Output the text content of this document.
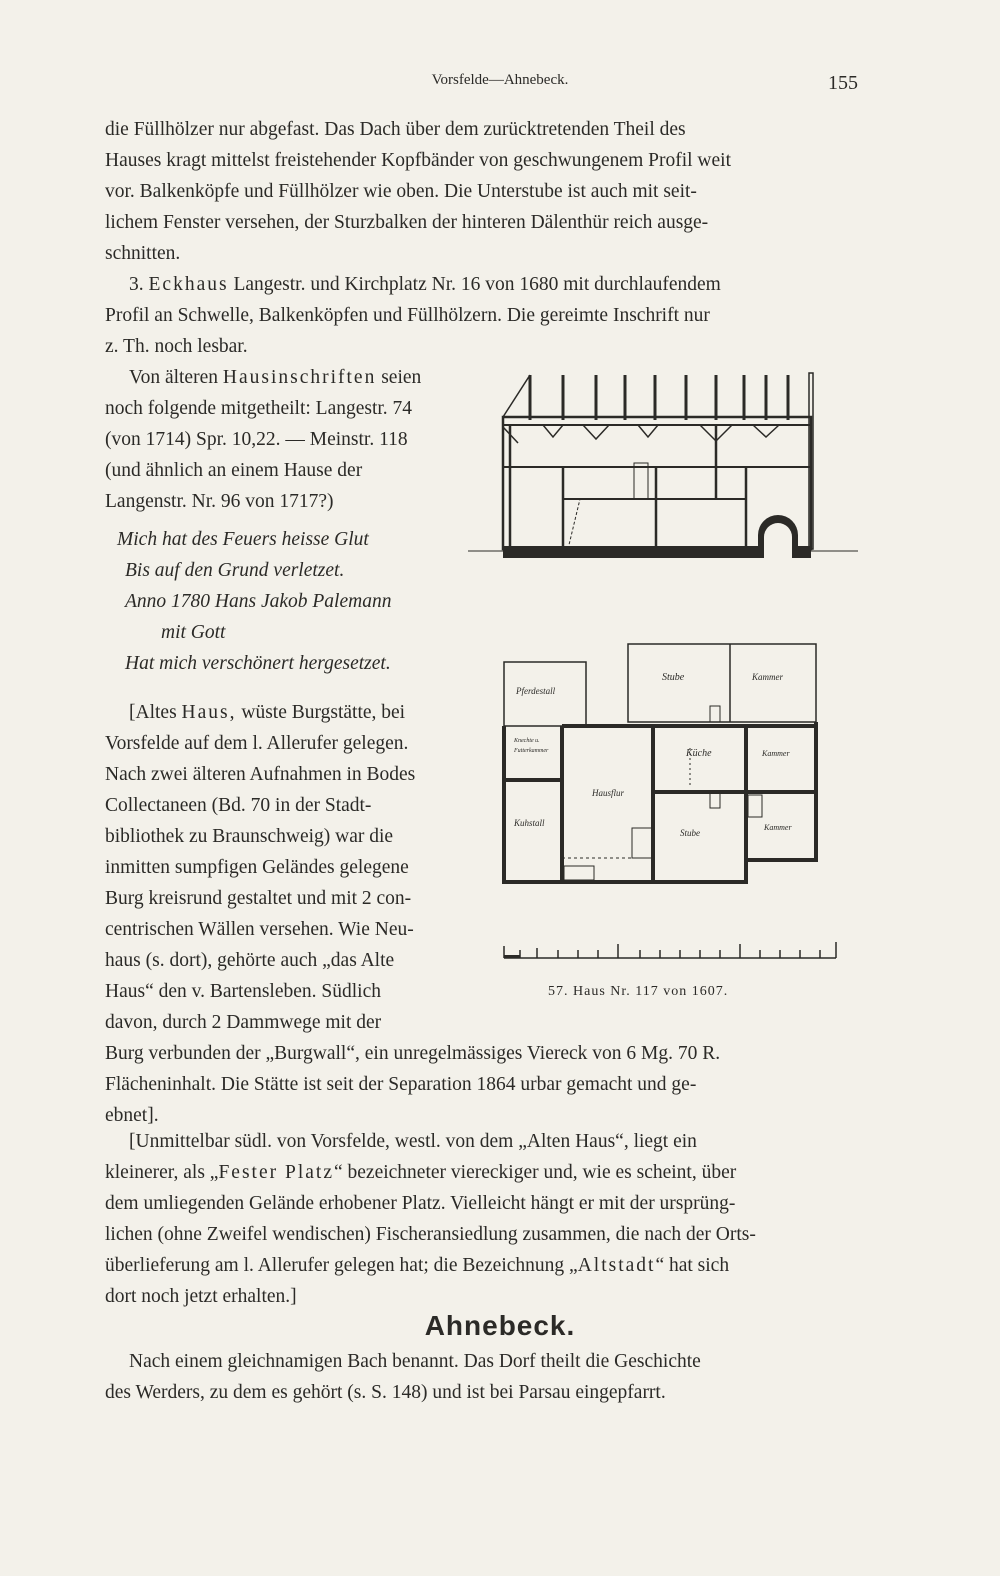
Vorsfelde—Ahnebeck.	155
die Füllhölzer nur abgefast. Das Dach über dem zurücktretenden Theil des
Hauses kragt mittelst freistehender Kopfbänder von geschwungenem Profil weit
vor. Balkenköpfe und Füllhölzer wie oben. Die Unterstube ist auch mit seit-
lichem Fenster versehen, der Sturzbalken der hinteren Dälenthür reich ausge-
schnitten.
3. Eckhaus Langestr. und Kirchplatz Nr. 16 von 1680 mit durchlaufendem
Profil an Schwelle, Balkenköpfen und Füllhölzern. Die gereimte Inschrift nur
z. Th. noch lesbar.
Von älteren Hausinschriften seien
noch folgende mitgetheilt: Langestr. 74
(von 1714) Spr. 10,22. — Meinstr. 118
(und ähnlich an einem Hause der
Langenstr. Nr. 96 von 1717?)
Mich hat des Feuers heisse Glut
Bis auf den Grund verletzet.
Anno 1780 Hans Jakob Palemann
mit Gott
Hat mich verschönert hergesetzet.
[Altes Haus, wüste Burgstätte, bei
Vorsfelde auf dem l. Allerufer gelegen.
Nach zwei älteren Aufnahmen in Bodes
Collectaneen (Bd. 70 in der Stadt-
bibliothek zu Braunschweig) war die
inmitten sumpfigen Geländes gelegene
Burg kreisrund gestaltet und mit 2 con-
centrischen Wällen versehen. Wie Neu-
haus (s. dort), gehörte auch „das Alte
Haus“ den v. Bartensleben. Südlich
davon, durch 2 Dammwege mit der
Burg verbunden der „Burgwall“, ein unregelmässiges Viereck von 6 Mg. 70 R.
Flächeninhalt. Die Stätte ist seit der Separation 1864 urbar gemacht und ge-
ebnet].
[Unmittelbar südl. von Vorsfelde, westl. von dem „Alten Haus“, liegt ein
kleinerer, als „Fester Platz“ bezeichneter viereckiger und, wie es scheint, über
dem umliegenden Gelände erhobener Platz. Vielleicht hängt er mit der ursprüng-
lichen (ohne Zweifel wendischen) Fischeransiedlung zusammen, die nach der Orts-
überlieferung am l. Allerufer gelegen hat; die Bezeichnung „Altstadt“ hat sich
dort noch jetzt erhalten.]
Ahnebeck.
Nach einem gleichnamigen Bach benannt. Das Dorf theilt die Geschichte
des Werders, zu dem es gehört (s. S. 148) und ist bei Parsau eingepfarrt.
Pferdestall
Stube	Kammer
Knechte u.
Futterkammer	Küche	Kammer
Hausflur
Kuhstall
Stube
Kammer
57. Haus Nr. 117 von 1607.
